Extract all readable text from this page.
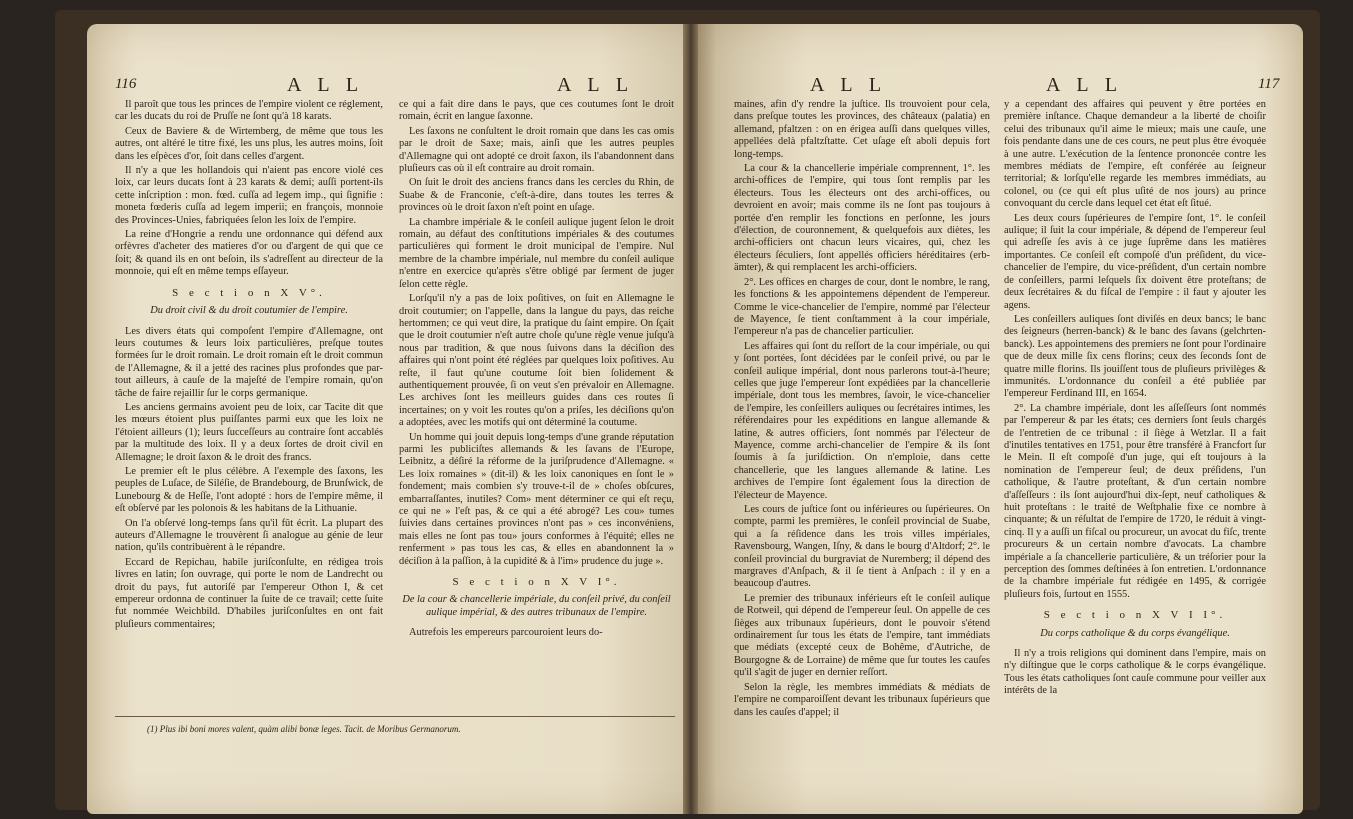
116	A L L	A L L

Il paroît que tous les princes de l'empire violent ce réglement, car les ducats du roi de Pruſſe ne ſont qu'à 18 karats.

Ceux de Baviere & de Wirtemberg, de même que tous les autres, ont altéré le titre fixé, les uns plus, les autres moins, ſoit dans les eſpèces d'or, ſoit dans celles d'argent.

Il n'y a que les hollandois qui n'aient pas encore violé ces loix, car leurs ducats ſont à 23 karats & demi; auſſi portent-ils cette inſcription : mon. fœd. cuſſa ad legem imp., qui ſignifie : moneta fœderis cuſſa ad legem imperii; en françois, monnoie des Provinces-Unies, fabriquées ſelon les loix de l'empire.

La reine d'Hongrie a rendu une ordonnance qui défend aux orfèvres d'acheter des matieres d'or ou d'argent de qui que ce ſoit; & quand ils en ont beſoin, ils s'adreſſent au directeur de la monnoie, qui eſt en même temps eſſayeur.

S e c t i o n X V°.
Du droit civil & du droit coutumier de l'empire.

Les divers états qui compoſent l'empire d'Allemagne, ont leurs coutumes & leurs loix particulières, preſque toutes formées ſur le droit romain. Le droit romain eſt le droit commun de l'Allemagne, & il a jetté des racines plus profondes que par-tout ailleurs, à cauſe de la majeſté de l'empire romain, qu'on tâche de faire rejaillir ſur le corps germanique.

Les anciens germains avoient peu de loix, car Tacite dit que les mœurs étoient plus puiſſantes parmi eux que les loix ne l'étoient ailleurs (1); leurs ſucceſſeurs au contraire ſont accablés par la multitude des loix. Il y a deux ſortes de droit civil en Allemagne; le droit ſaxon & le droit des francs.

Le premier eſt le plus célèbre. A l'exemple des ſaxons, les peuples de Luſace, de Siléſie, de Brandebourg, de Brunſwick, de Lunebourg & de Heſſe, l'ont adopté : hors de l'empire même, il eſt obſervé par les polonois & les habitans de la Lithuanie.

On l'a obſervé long-temps ſans qu'il fût écrit. La plupart des auteurs d'Allemagne le trouvèrent ſi analogue au génie de leur nation, qu'ils contribuèrent à le répandre.

Eccard de Repichau, habile juriſconſulte, en rédigea trois livres en latin; ſon ouvrage, qui porte le nom de Landrecht ou droit du pays, fut autoriſé par l'empereur Othon I, & cet empereur ordonna de continuer la ſuite de ce travail; cette ſuite fut nommée Weichbild. D'habiles juriſconſultes en ont fait pluſieurs commentaires;

ce qui a fait dire dans le pays, que ces coutumes ſont le droit romain, écrit en langue ſaxonne.

Les ſaxons ne conſultent le droit romain que dans les cas omis par le droit de Saxe; mais, ainſi que les autres peuples d'Allemagne qui ont adopté ce droit ſaxon, ils l'abandonnent dans pluſieurs cas où il eſt contraire au droit romain.

On ſuit le droit des anciens francs dans les cercles du Rhin, de Suabe & de Franconie, c'eſt-à-dire, dans toutes les terres & provinces où le droit ſaxon n'eſt point en uſage.

La chambre impériale & le conſeil aulique jugent ſelon le droit romain, au défaut des conſtitutions impériales & des coutumes particulières qui forment le droit municipal de l'empire. Nul membre de la chambre impériale, nul membre du conſeil aulique n'entre en exercice qu'après s'être obligé par ſerment de juger ſelon cette règle.

Lorſqu'il n'y a pas de loix poſitives, on ſuit en Allemagne le droit coutumier; on l'appelle, dans la langue du pays, das reiche hertommen; ce qui veut dire, la pratique du ſaint empire. On ſçait que le droit coutumier n'eſt autre choſe qu'une règle venue juſqu'à nous par tradition, & que nous ſuivons dans la déciſion des affaires qui n'ont point été réglées par quelques loix poſitives. Au reſte, il faut qu'une coutume ſoit bien ſolidement & authentiquement prouvée, ſi on veut s'en prévaloir en Allemagne. Les archives ſont les meilleurs guides dans ces routes ſi incertaines; on y voit les routes qu'on a priſes, les déciſions qu'on a adoptées, avec les motifs qui ont déterminé la coutume.

Un homme qui jouit depuis long-temps d'une grande réputation parmi les publiciſtes allemands & les ſavans de l'Europe, Leibnitz, a déſiré la réforme de la juriſprudence d'Allemagne. « Les loix romaines » (dit-il) & les loix canoniques en ſont le » fondement; mais combien s'y trouve-t-il de » choſes obſcures, embarraſſantes, inutiles? Com» ment déterminer ce qui eſt reçu, ce qui ne » l'eſt pas, & ce qui a été abrogé? Les cou» tumes ſuivies dans certaines provinces n'ont pas » ces inconvéniens, mais elles ne ſont pas tou» jours conformes à l'équité; elles ne renferment » pas tous les cas, & elles en abandonnent la » déciſion à la paſſion, à la cupidité & à l'im» prudence du juge ».

S e c t i o n X V I°.
De la cour & chancellerie impériale, du conſeil privé, du conſeil aulique impérial, & des autres tribunaux de l'empire.

Autrefois les empereurs parcouroient leurs do-

(1) Plus ibi boni mores valent, quàm alibi bonæ leges. Tacit. de Moribus Germanorum.
A L L	A L L	117

maines, afin d'y rendre la juſtice. Ils trouvoient pour cela, dans preſque toutes les provinces, des châteaux (palatia) en allemand, pfaltzen : on en érigea auſſi dans quelques villes, appellées delà pfaltzſtatte. Cet uſage eſt aboli depuis fort long-temps.

La cour & la chancellerie impériale comprennent, 1°. les archi-offices de l'empire, qui tous ſont remplis par les électeurs. Tous les électeurs ont des archi-offices, ou devroient en avoir; mais comme ils ne ſont pas toujours à portée d'en remplir les fonctions en perſonne, les jours d'élection, de couronnement, & quelquefois aux diètes, les archi-officiers ont chacun leurs vicaires, qui, chez les électeurs ſéculiers, ſont appellés officiers héréditaires (erb-ämter), & qui remplacent les archi-officiers.

2°. Les offices en charges de cour, dont le nombre, le rang, les fonctions & les appointemens dépendent de l'empereur. Comme le vice-chancelier de l'empire, nommé par l'électeur de Mayence, ſe tient conſtamment à la cour impériale, l'empereur n'a pas de chancelier particulier.

Les affaires qui ſont du reſſort de la cour impériale, ou qui y ſont portées, ſont décidées par le conſeil privé, ou par le conſeil aulique impérial, dont nous parlerons tout-à-l'heure; celles que juge l'empereur ſont expédiées par la chancellerie impériale, dont tous les membres, ſavoir, le vice-chancelier de l'empire, les conſeillers auliques ou ſecrétaires intimes, les référendaires pour les expéditions en langue allemande & latine, & autres officiers, ſont nommés par l'électeur de Mayence, comme archi-chancelier de l'empire & ils ſont ſoumis à ſa juriſdiction. On n'emploie, dans cette chancellerie, que les langues allemande & latine. Les archives de l'empire ſont également ſous la direction de l'électeur de Mayence.

Les cours de juſtice ſont ou inférieures ou ſupérieures. On compte, parmi les premières, le conſeil provincial de Suabe, qui a ſa réſidence dans les trois villes impériales, Ravensbourg, Wangen, Iſny, & dans le bourg d'Altdorf; 2°. le conſeil provincial du burgraviat de Nuremberg; il dépend des margraves d'Anſpach, & il ſe tient à Anſpach : il y en a beaucoup d'autres.

Le premier des tribunaux inférieurs eſt le conſeil aulique de Rotweil, qui dépend de l'empereur ſeul. On appelle de ces ſièges aux tribunaux ſupérieurs, dont le pouvoir s'étend ordinairement ſur tous les états de l'empire, tant immédiats que médiats (excepté ceux de Bohême, d'Autriche, de Bourgogne & de Lorraine) de même que ſur toutes les cauſes qu'il s'agit de juger en dernier reſſort.

Selon la règle, les membres immédiats & médiats de l'empire ne comparoiſſent devant les tribunaux ſupérieurs que dans les cauſes d'appel; il

y a cependant des affaires qui peuvent y être portées en première inſtance. Chaque demandeur a la liberté de choiſir celui des tribunaux qu'il aime le mieux; mais une cauſe, une fois pendante dans une de ces cours, ne peut plus être évoquée à une autre. L'exécution de la ſentence prononcée contre les membres médiats de l'empire, eſt conférée au ſeigneur territorial; & lorſqu'elle regarde les membres immédiats, au colonel, ou (ce qui eſt plus uſité de nos jours) au prince convoquant du cercle dans lequel cet état eſt ſitué.

Les deux cours ſupérieures de l'empire ſont, 1°. le conſeil aulique; il ſuit la cour impériale, & dépend de l'empereur ſeul qui adreſſe ſes avis à ce juge ſuprême dans les matières importantes. Ce conſeil eſt compoſé d'un préſident, du vice-chancelier de l'empire, du vice-préſident, d'un certain nombre de conſeillers, parmi leſquels ſix doivent être proteſtans; de deux ſecrétaires & du fiſcal de l'empire : il faut y ajouter les agens.

Les conſeillers auliques ſont diviſés en deux bancs; le banc des ſeigneurs (herren-banck) & le banc des ſavans (gelchrten-banck). Les appointemens des premiers ne ſont pour l'ordinaire que de deux mille ſix cens florins; ceux des ſeconds ſont de quatre mille florins. Ils jouiſſent tous de pluſieurs privilèges & immunités. L'ordonnance du conſeil a été publiée par l'empereur Ferdinand III, en 1654.

2°. La chambre impériale, dont les aſſeſſeurs ſont nommés par l'empereur & par les états; ces derniers ſont ſeuls chargés de l'entretien de ce tribunal : il ſiège à Wetzlar. Il a fait d'inutiles tentatives en 1751, pour être transféré à Francfort ſur le Mein. Il eſt compoſé d'un juge, qui eſt toujours à la nomination de l'empereur ſeul; de deux préſidens, l'un catholique, & l'autre proteſtant, & d'un certain nombre d'aſſeſſeurs : ils ſont aujourd'hui dix-ſept, neuf catholiques & huit proteſtans : le traité de Weſtphalie fixe ce nombre à cinquante; & un réſultat de l'empire de 1720, le réduit à vingt-cinq. Il y a auſſi un fiſcal ou procureur, un avocat du fiſc, trente procureurs & un certain nombre d'avocats. La chambre impériale a ſa chancellerie particulière, & un tréſorier pour la perception des ſommes deſtinées à ſon entretien. L'ordonnance de la chambre impériale fut rédigée en 1495, & corrigée pluſieurs fois, ſurtout en 1555.

S e c t i o n X V I I°.
Du corps catholique & du corps évangélique.

Il n'y a trois religions qui dominent dans l'empire, mais on n'y diſtingue que le corps catholique & le corps évangélique. Tous les états catholiques ſont cauſe commune pour veiller aux intérêts de la
